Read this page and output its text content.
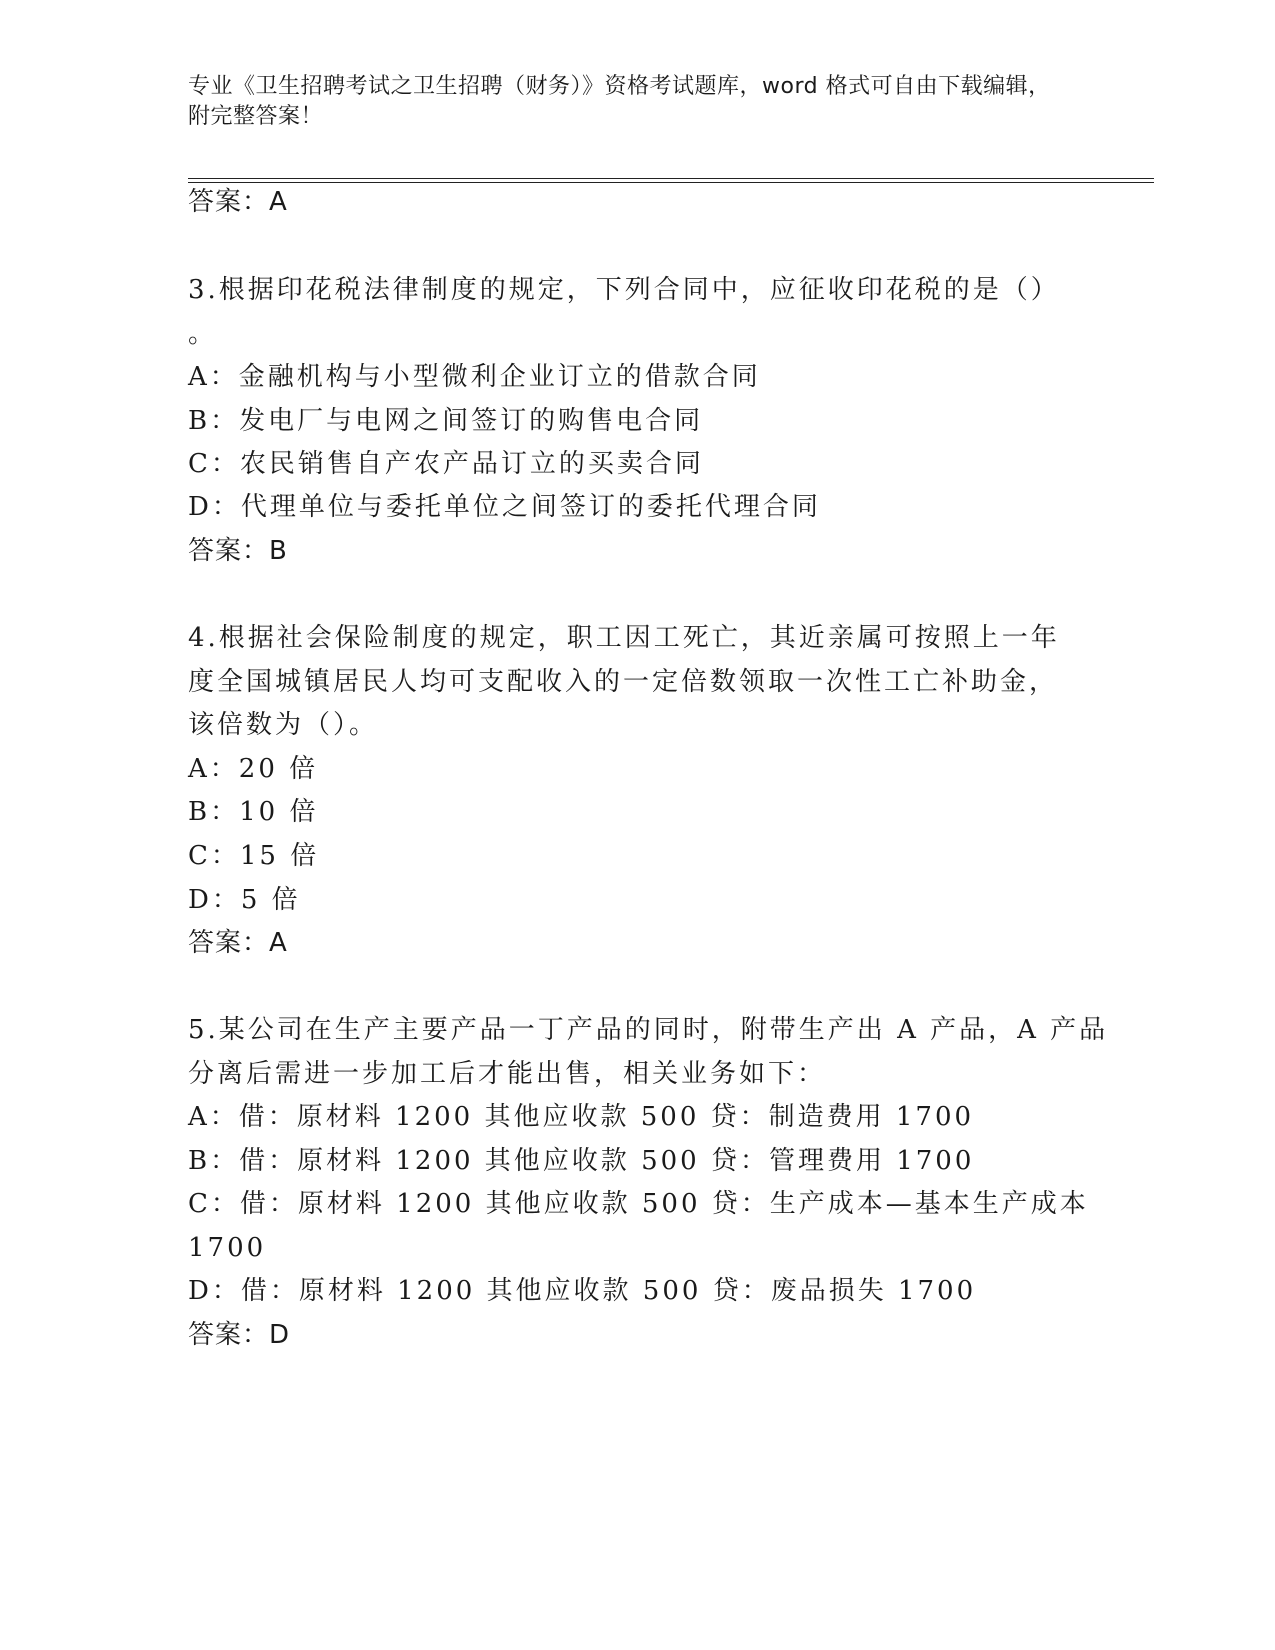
专业《卫生招聘考试之卫生招聘（财务）》资格考试题库，word 格式可自由下载编辑，附完整答案！
答案：A
3.根据印花税法律制度的规定，下列合同中，应征收印花税的是（）
。
A：金融机构与小型微利企业订立的借款合同
B：发电厂与电网之间签订的购售电合同
C：农民销售自产农产品订立的买卖合同
D：代理单位与委托单位之间签订的委托代理合同
答案：B
4.根据社会保险制度的规定，职工因工死亡，其近亲属可按照上一年
度全国城镇居民人均可支配收入的一定倍数领取一次性工亡补助金，
该倍数为（）。
A：20 倍
B：10 倍
C：15 倍
D：5 倍
答案：A
5.某公司在生产主要产品一丁产品的同时，附带生产出 A 产品，A 产品
分离后需进一步加工后才能出售，相关业务如下：
A：借：原材料 1200 其他应收款 500 贷：制造费用 1700
B：借：原材料 1200 其他应收款 500 贷：管理费用 1700
C：借：原材料 1200 其他应收款 500 贷：生产成本—基本生产成本
1700
D：借：原材料 1200 其他应收款 500 贷：废品损失 1700
答案：D
